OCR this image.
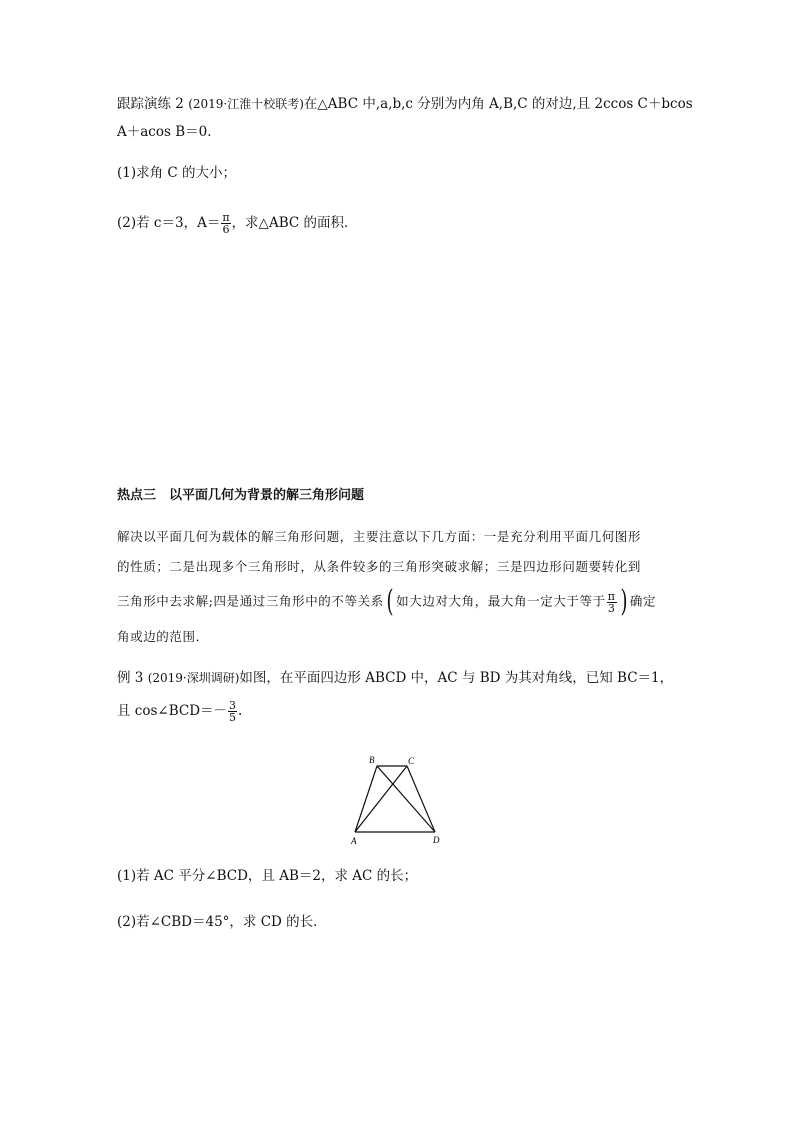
跟踪演练 2 (2019·江淮十校联考)在△ABC 中,a,b,c 分别为内角 A,B,C 的对边,且 2ccos C＋bcos
A＋acos B＝0.
(1)求角 C 的大小；
(2)若 c＝3，$A= \frac{\pi}{6}$ ，求△ABC 的面积．
热点三　以平面几何为背景的解三角形问题
解决以平面几何为载体的解三角形问题，主要注意以下几方面：一是充分利用平面几何图形
的性质；二是出现多个三角形时，从条件较多的三角形突破求解；三是四边形问题要转化到
三角形中去求解;四是通过三角形中的不等关系( 如大边对大角，最大角一定大于等于 $\frac{\pi}{3}$ ) 确定
角或边的范围．
例 3 (2019·深圳调研)如图，在平面四边形 ABCD 中，AC 与 BD 为其对角线，已知 BC＝1，
且 cos∠BCD＝－ $\frac{3}{5}$ .
B	C
A	D
(1)若 AC 平分∠BCD，且 AB＝2，求 AC 的长；
(2)若∠CBD＝45°，求 CD 的长．
